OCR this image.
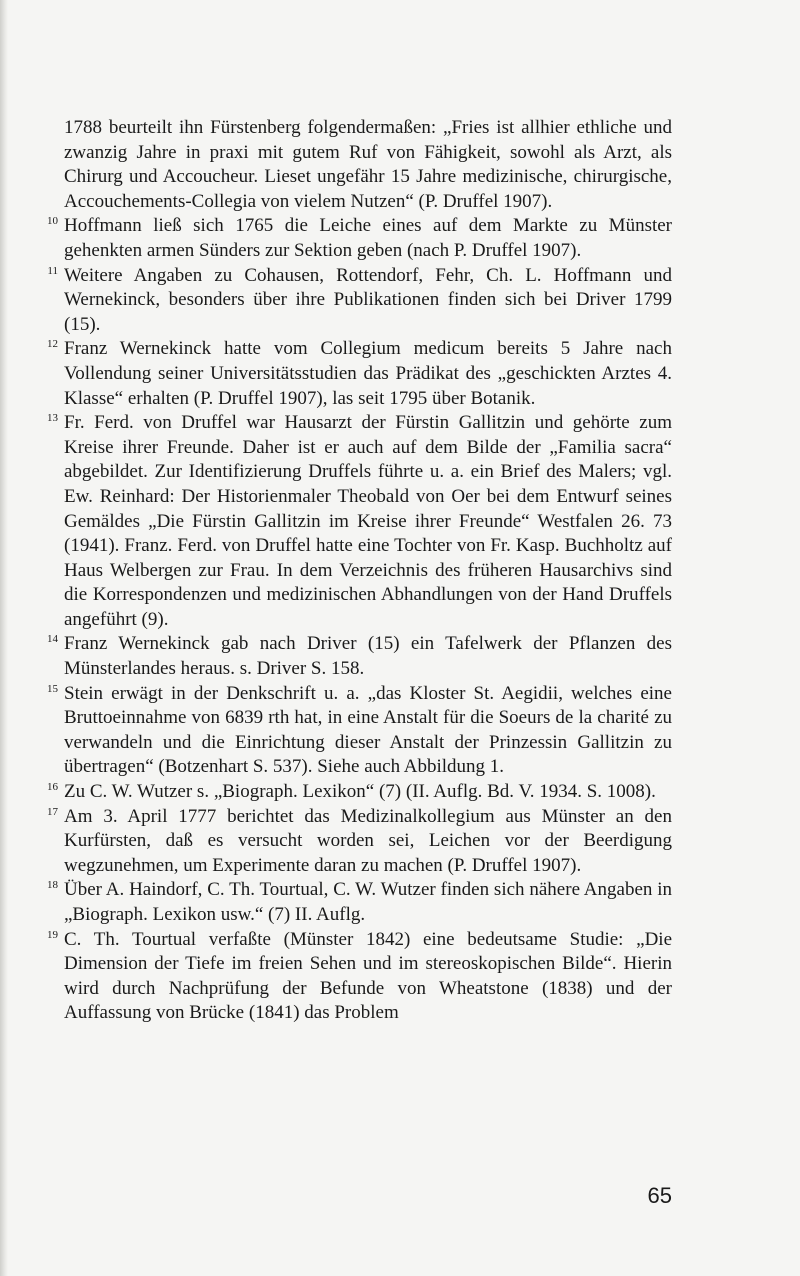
1788 beurteilt ihn Fürstenberg folgendermaßen: „Fries ist allhier ethliche und zwanzig Jahre in praxi mit gutem Ruf von Fähigkeit, sowohl als Arzt, als Chirurg und Accoucheur. Lieset ungefähr 15 Jahre medizinische, chirurgische, Accouchements-Collegia von vielem Nutzen“ (P. Druffel 1907).

10 Hoffmann ließ sich 1765 die Leiche eines auf dem Markte zu Münster gehenkten armen Sünders zur Sektion geben (nach P. Druffel 1907).
11 Weitere Angaben zu Cohausen, Rottendorf, Fehr, Ch. L. Hoffmann und Wernekinck, besonders über ihre Publikationen finden sich bei Driver 1799 (15).
12 Franz Wernekinck hatte vom Collegium medicum bereits 5 Jahre nach Vollendung seiner Universitätsstudien das Prädikat des „geschickten Arztes 4. Klasse“ erhalten (P. Druffel 1907), las seit 1795 über Botanik.
13 Fr. Ferd. von Druffel war Hausarzt der Fürstin Gallitzin und gehörte zum Kreise ihrer Freunde. Daher ist er auch auf dem Bilde der „Familia sacra“ abgebildet. Zur Identifizierung Druffels führte u. a. ein Brief des Malers; vgl. Ew. Reinhard: Der Historienmaler Theobald von Oer bei dem Entwurf seines Gemäldes „Die Fürstin Gallitzin im Kreise ihrer Freunde“ Westfalen 26. 73 (1941). Franz. Ferd. von Druffel hatte eine Tochter von Fr. Kasp. Buchholtz auf Haus Welbergen zur Frau. In dem Verzeichnis des früheren Hausarchivs sind die Korrespondenzen und medizinischen Abhandlungen von der Hand Druffels angeführt (9).
14 Franz Wernekinck gab nach Driver (15) ein Tafelwerk der Pflanzen des Münsterlandes heraus. s. Driver S. 158.
15 Stein erwägt in der Denkschrift u. a. „das Kloster St. Aegidii, welches eine Bruttoeinnahme von 6839 rth hat, in eine Anstalt für die Soeurs de la charité zu verwandeln und die Einrichtung dieser Anstalt der Prinzessin Gallitzin zu übertragen“ (Botzenhart S. 537). Siehe auch Abbildung 1.
16 Zu C. W. Wutzer s. „Biograph. Lexikon“ (7) (II. Auflg. Bd. V. 1934. S. 1008).
17 Am 3. April 1777 berichtet das Medizinalkollegium aus Münster an den Kurfürsten, daß es versucht worden sei, Leichen vor der Beerdigung wegzunehmen, um Experimente daran zu machen (P. Druffel 1907).
18 Über A. Haindorf, C. Th. Tourtual, C. W. Wutzer finden sich nähere Angaben in „Biograph. Lexikon usw.“ (7) II. Auflg.
19 C. Th. Tourtual verfaßte (Münster 1842) eine bedeutsame Studie: „Die Dimension der Tiefe im freien Sehen und im stereoskopischen Bilde“. Hierin wird durch Nachprüfung der Befunde von Wheatstone (1838) und der Auffassung von Brücke (1841) das Problem
65
